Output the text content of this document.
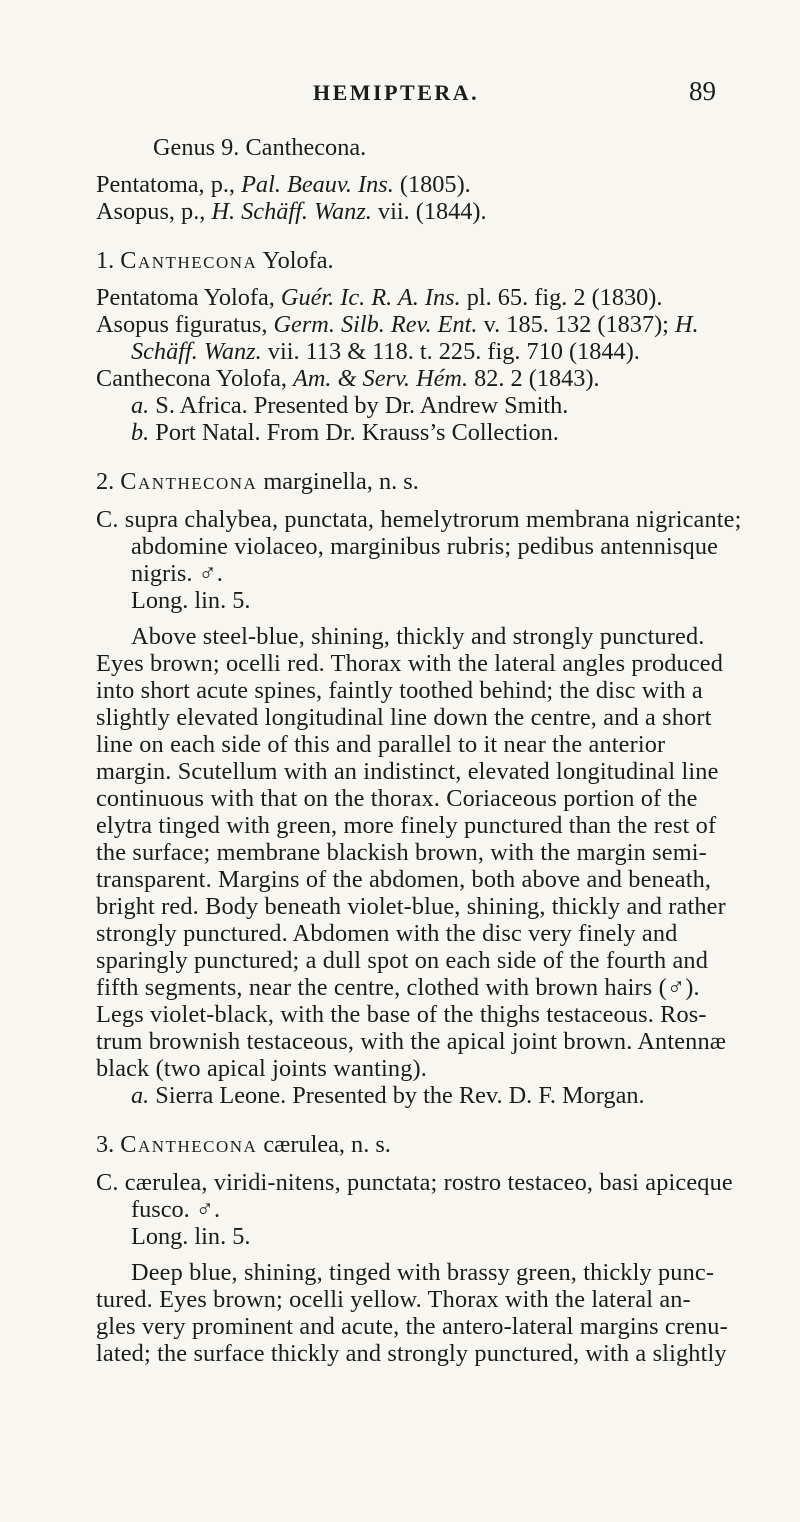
HEMIPTERA.	89
Genus 9. Canthecona.
Pentatoma, p., Pal. Beauv. Ins. (1805).
Asopus, p., H. Schäff. Wanz. vii. (1844).
1. Canthecona Yolofa.
Pentatoma Yolofa, Guér. Ic. R. A. Ins. pl. 65. fig. 2 (1830).
Asopus figuratus, Germ. Silb. Rev. Ent. v. 185. 132 (1837); H.
Schäff. Wanz. vii. 113 & 118. t. 225. fig. 710 (1844).
Canthecona Yolofa, Am. & Serv. Hém. 82. 2 (1843).
a. S. Africa. Presented by Dr. Andrew Smith.
b. Port Natal. From Dr. Krauss’s Collection.
2. Canthecona marginella, n. s.
C. supra chalybea, punctata, hemelytrorum membrana nigricante;
abdomine violaceo, marginibus rubris; pedibus antennisque
nigris. ♂.
Long. lin. 5.
Above steel-blue, shining, thickly and strongly punctured.
Eyes brown; ocelli red. Thorax with the lateral angles produced
into short acute spines, faintly toothed behind; the disc with a
slightly elevated longitudinal line down the centre, and a short
line on each side of this and parallel to it near the anterior
margin. Scutellum with an indistinct, elevated longitudinal line
continuous with that on the thorax. Coriaceous portion of the
elytra tinged with green, more finely punctured than the rest of
the surface; membrane blackish brown, with the margin semi-
transparent. Margins of the abdomen, both above and beneath,
bright red. Body beneath violet-blue, shining, thickly and rather
strongly punctured. Abdomen with the disc very finely and
sparingly punctured; a dull spot on each side of the fourth and
fifth segments, near the centre, clothed with brown hairs (♂).
Legs violet-black, with the base of the thighs testaceous. Ros-
trum brownish testaceous, with the apical joint brown. Antennæ
black (two apical joints wanting).
a. Sierra Leone. Presented by the Rev. D. F. Morgan.
3. Canthecona cærulea, n. s.
C. cærulea, viridi-nitens, punctata; rostro testaceo, basi apiceque
fusco. ♂.
Long. lin. 5.
Deep blue, shining, tinged with brassy green, thickly punc-
tured. Eyes brown; ocelli yellow. Thorax with the lateral an-
gles very prominent and acute, the antero-lateral margins crenu-
lated; the surface thickly and strongly punctured, with a slightly
